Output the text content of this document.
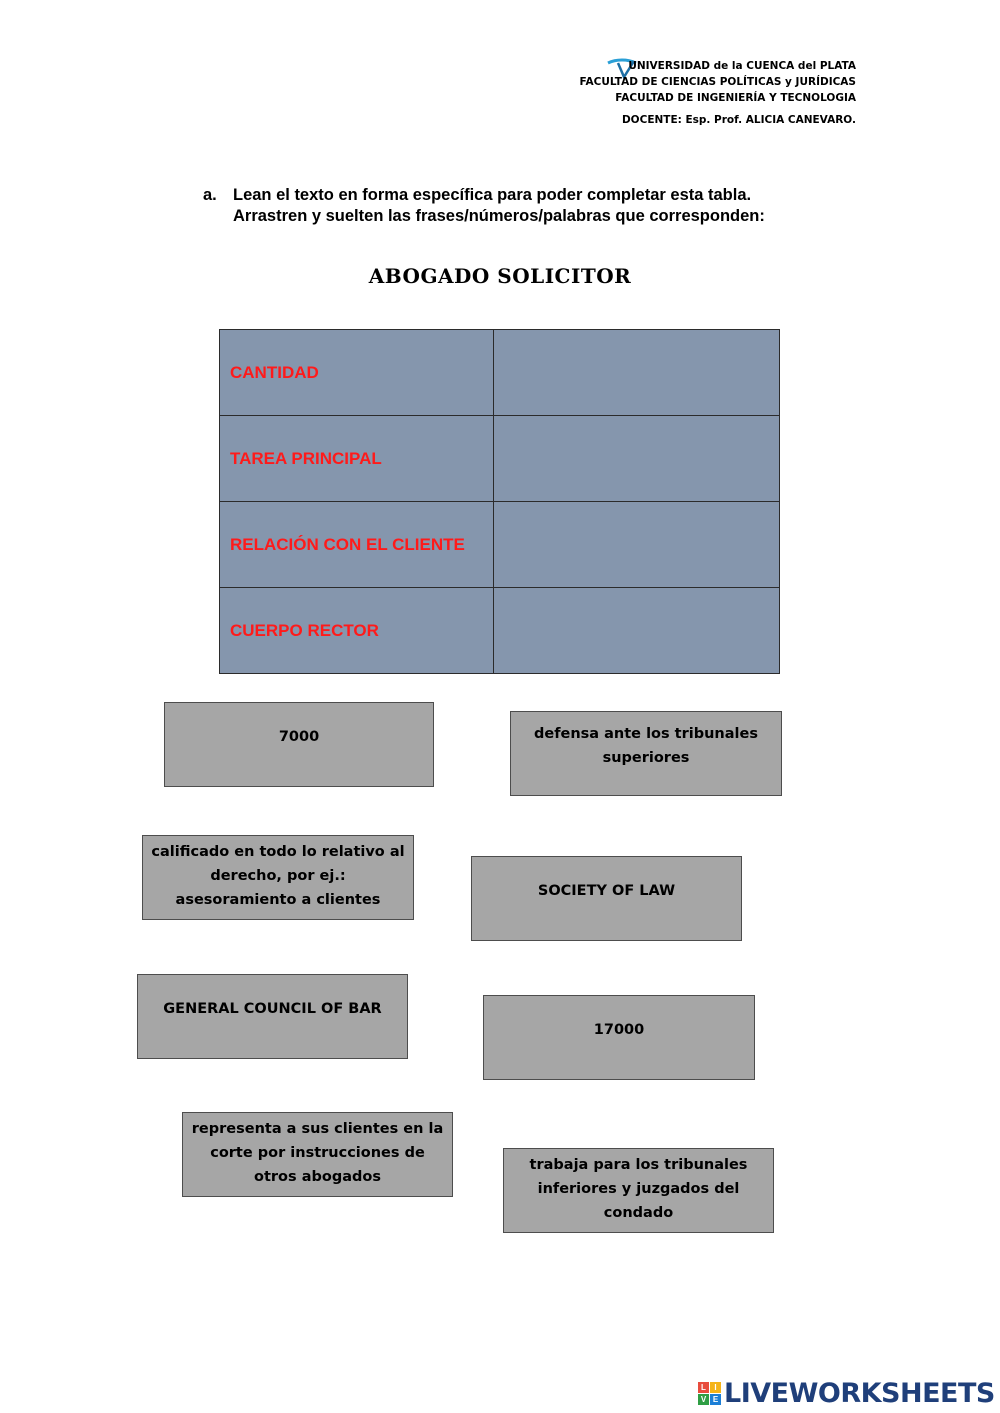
UNIVERSIDAD de la CUENCA del PLATA
FACULTAD DE CIENCIAS POLÍTICAS y JURÍDICAS
FACULTAD DE INGENIERÍA Y TECNOLOGIA
DOCENTE: Esp. Prof. ALICIA CANEVARO.
a. Lean el texto en forma específica para poder completar esta tabla.
Arrastren y suelten las frases/números/palabras que corresponden:
ABOGADO SOLICITOR
CANTIDAD	
TAREA PRINCIPAL	
RELACIÓN CON EL CLIENTE	
CUERPO RECTOR	
7000	defensa ante los tribunales superiores
calificado en todo lo relativo al derecho, por ej.: asesoramiento a clientes
SOCIETY OF LAW
GENERAL COUNCIL OF BAR
17000
representa a sus clientes en la corte por instrucciones de otros abogados
trabaja para los tribunales inferiores y juzgados del condado
L	I
V E LIVEWORKSHEETS
